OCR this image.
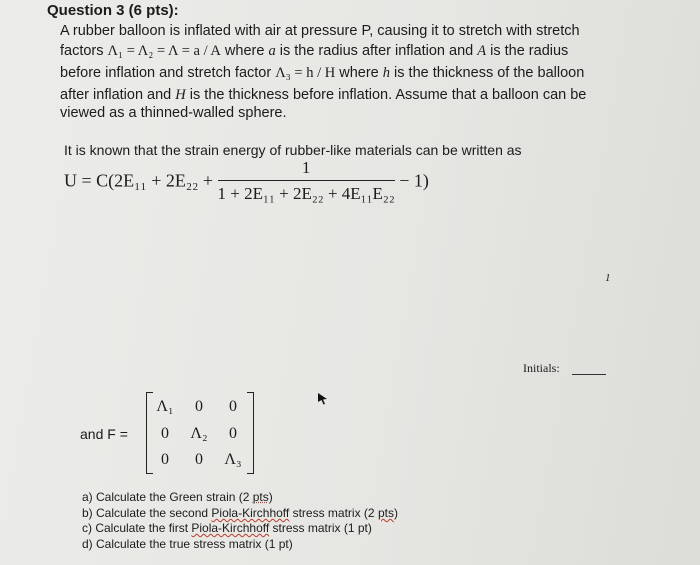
Question 3 (6 pts):
A rubber balloon is inflated with air at pressure P, causing it to stretch with stretch
factors Λ₁ = Λ₂ = Λ = a / A where a is the radius after inflation and A is the radius
before inflation and stretch factor Λ₃ = h / H where h is the thickness of the balloon
after inflation and H is the thickness before inflation. Assume that a balloon can be
viewed as a thinned-walled sphere.
It is known that the strain energy of rubber-like materials can be written as
$U = C(2E_{11} + 2E_{22} + \frac{1}{\text{1 + 2E₁₁ + 2E₂₂ + 4E₁₁E₂₂}} - 1)$
1
Initials:
and F =
Λ₁	0	0
0	Λ₂	0
0	0	Λ₃
a) Calculate the Green strain (2 pts)
b) Calculate the second Piola-Kirchhoff stress matrix (2 pts)
c) Calculate the first Piola-Kirchhoff stress matrix (1 pt)
d) Calculate the true stress matrix (1 pt)
